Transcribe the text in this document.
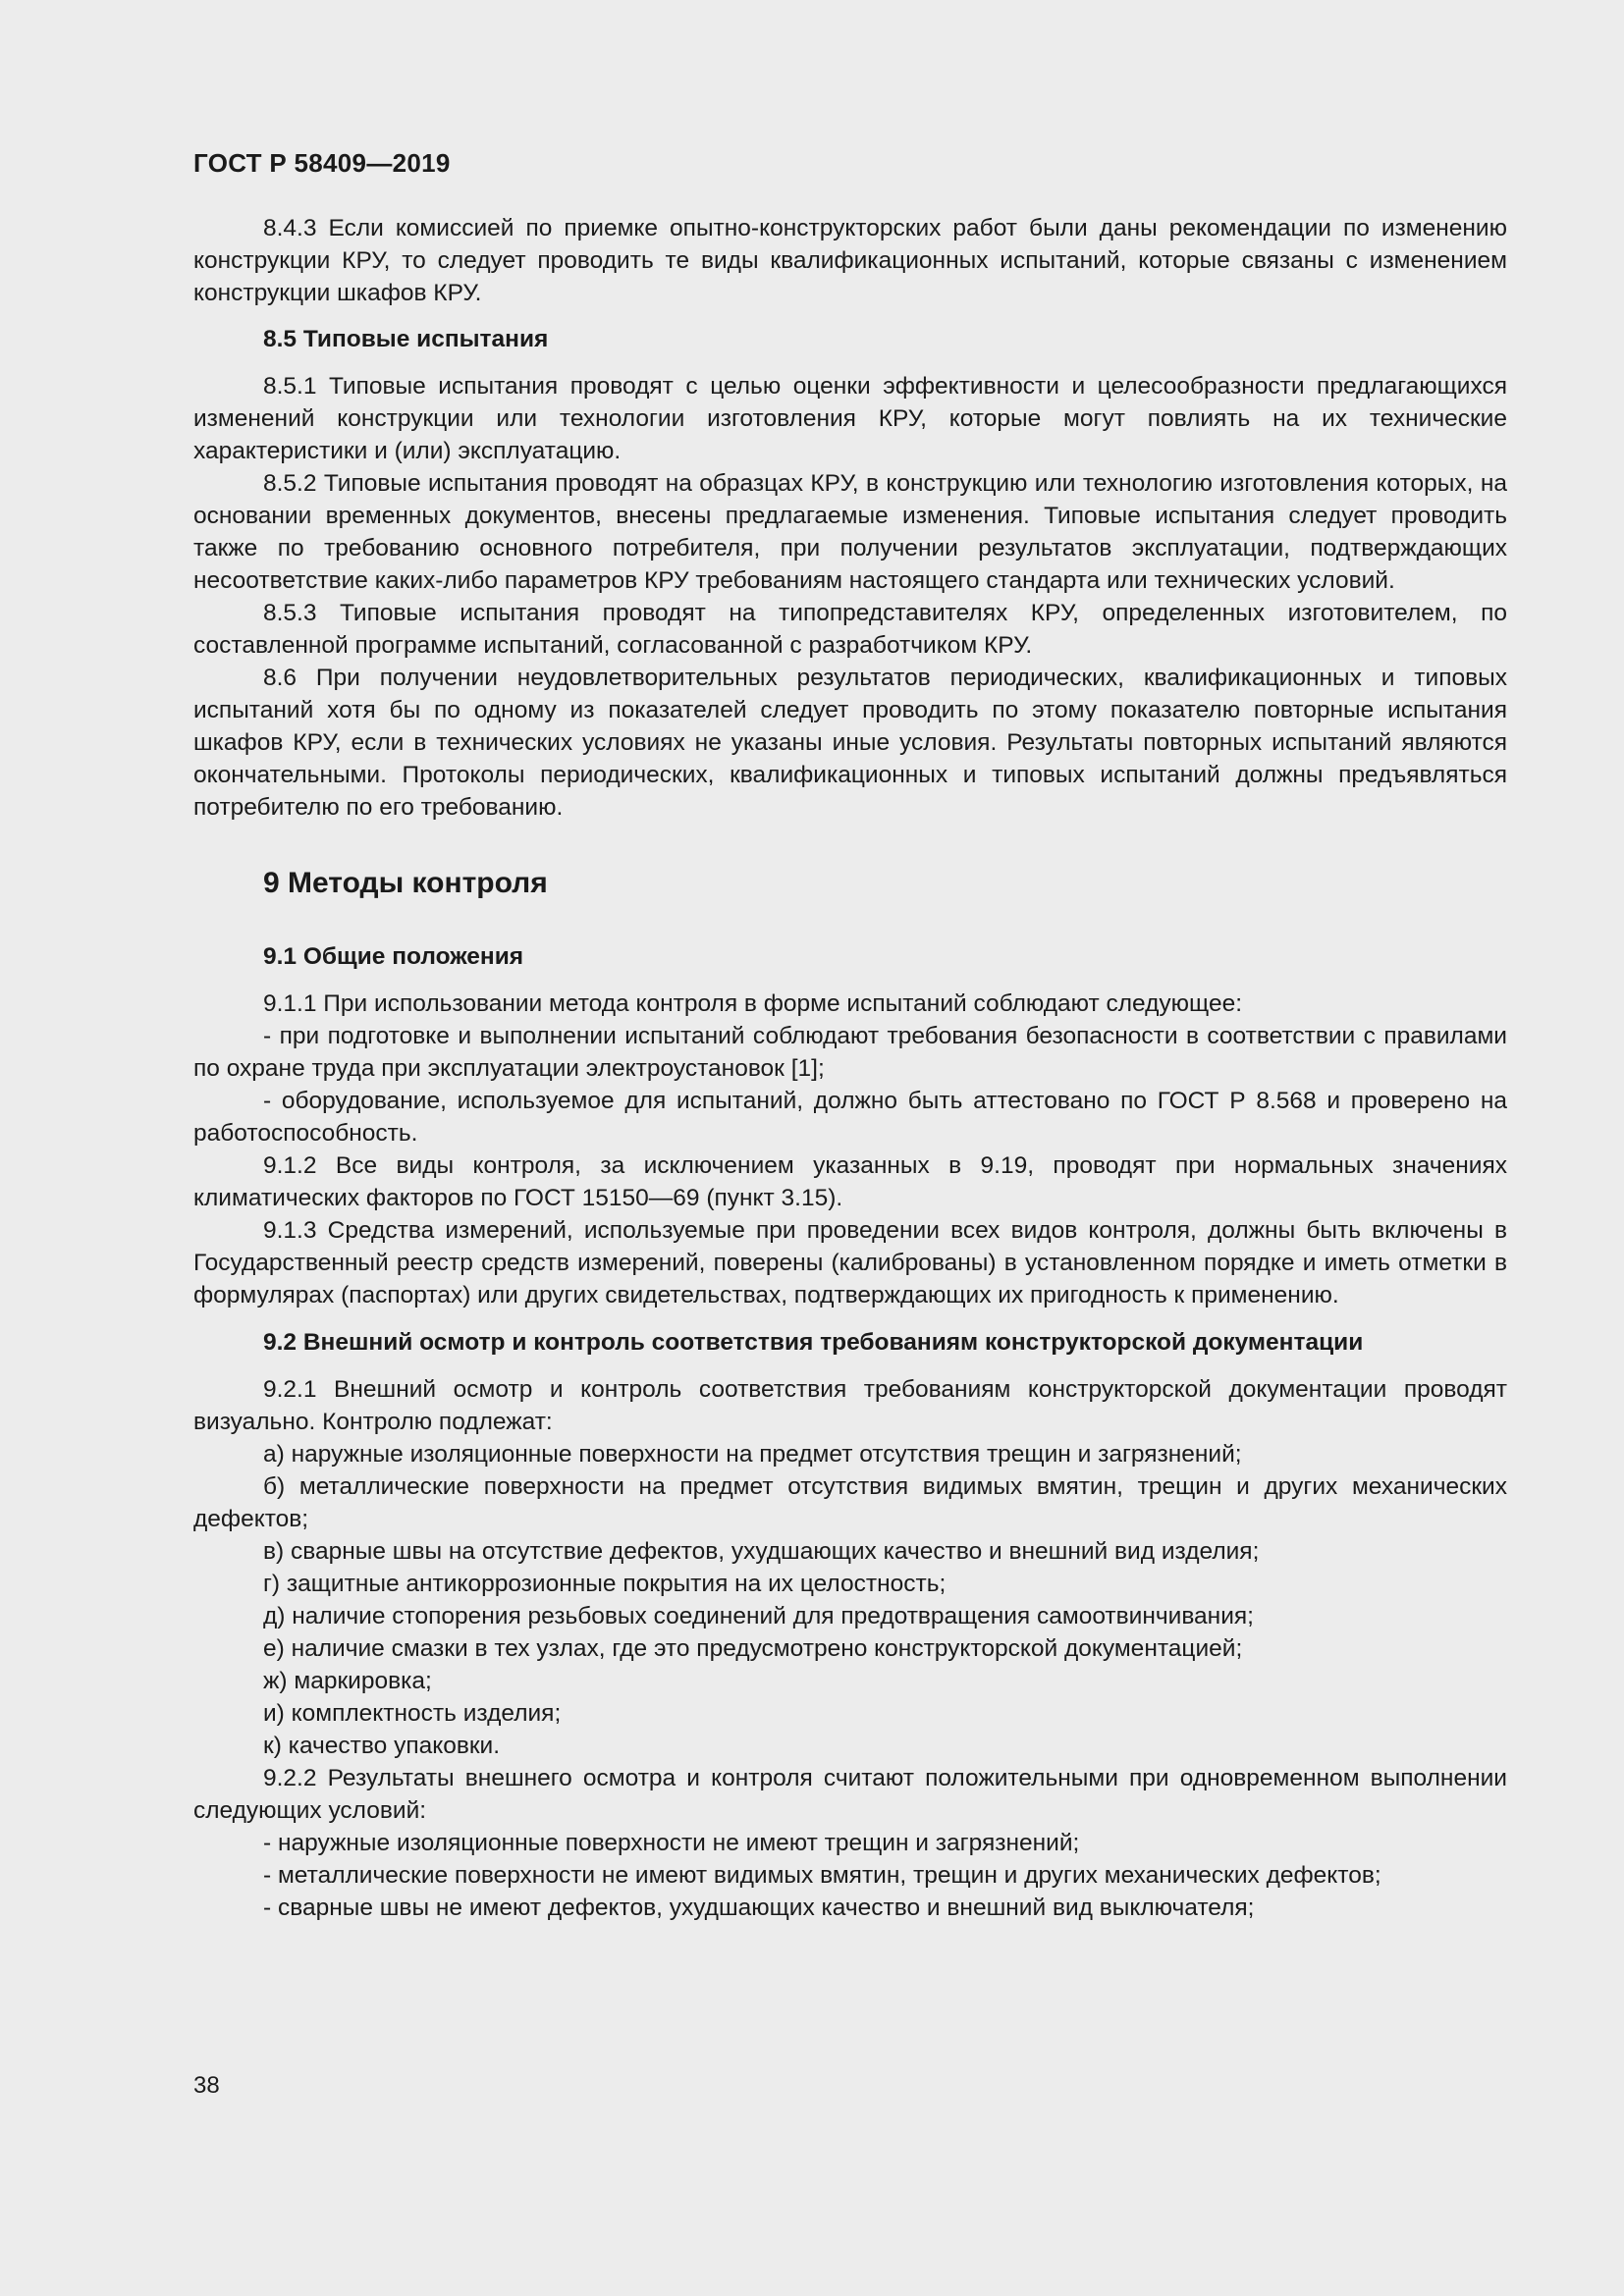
ГОСТ Р 58409—2019

8.4.3 Если комиссией по приемке опытно-конструкторских работ были даны рекомендации по изменению конструкции КРУ, то следует проводить те виды квалификационных испытаний, которые связаны с изменением конструкции шкафов КРУ.

8.5 Типовые испытания

8.5.1 Типовые испытания проводят с целью оценки эффективности и целесообразности предлагающихся изменений конструкции или технологии изготовления КРУ, которые могут повлиять на их технические характеристики и (или) эксплуатацию.

8.5.2 Типовые испытания проводят на образцах КРУ, в конструкцию или технологию изготовления которых, на основании временных документов, внесены предлагаемые изменения. Типовые испытания следует проводить также по требованию основного потребителя, при получении результатов эксплуатации, подтверждающих несоответствие каких-либо параметров КРУ требованиям настоящего стандарта или технических условий.

8.5.3 Типовые испытания проводят на типопредставителях КРУ, определенных изготовителем, по составленной программе испытаний, согласованной с разработчиком КРУ.

8.6 При получении неудовлетворительных результатов периодических, квалификационных и типовых испытаний хотя бы по одному из показателей следует проводить по этому показателю повторные испытания шкафов КРУ, если в технических условиях не указаны иные условия. Результаты повторных испытаний являются окончательными. Протоколы периодических, квалификационных и типовых испытаний должны предъявляться потребителю по его требованию.

9 Методы контроля
9.1 Общие положения

9.1.1 При использовании метода контроля в форме испытаний соблюдают следующее:

- при подготовке и выполнении испытаний соблюдают требования безопасности в соответствии с правилами по охране труда при эксплуатации электроустановок [1];

- оборудование, используемое для испытаний, должно быть аттестовано по ГОСТ Р 8.568 и проверено на работоспособность.

9.1.2 Все виды контроля, за исключением указанных в 9.19, проводят при нормальных значениях климатических факторов по ГОСТ 15150—69 (пункт 3.15).

9.1.3 Средства измерений, используемые при проведении всех видов контроля, должны быть включены в Государственный реестр средств измерений, поверены (калиброваны) в установленном порядке и иметь отметки в формулярах (паспортах) или других свидетельствах, подтверждающих их пригодность к применению.

9.2 Внешний осмотр и контроль соответствия требованиям конструкторской документации

9.2.1 Внешний осмотр и контроль соответствия требованиям конструкторской документации проводят визуально. Контролю подлежат:

а) наружные изоляционные поверхности на предмет отсутствия трещин и загрязнений;

б) металлические поверхности на предмет отсутствия видимых вмятин, трещин и других механических дефектов;

в) сварные швы на отсутствие дефектов, ухудшающих качество и внешний вид изделия;

г) защитные антикоррозионные покрытия на их целостность;

д) наличие стопорения резьбовых соединений для предотвращения самоотвинчивания;

е) наличие смазки в тех узлах, где это предусмотрено конструкторской документацией;

ж) маркировка;

и) комплектность изделия;

к) качество упаковки.

9.2.2 Результаты внешнего осмотра и контроля считают положительными при одновременном выполнении следующих условий:

- наружные изоляционные поверхности не имеют трещин и загрязнений;

- металлические поверхности не имеют видимых вмятин, трещин и других механических дефектов;

- сварные швы не имеют дефектов, ухудшающих качество и внешний вид выключателя;

38
